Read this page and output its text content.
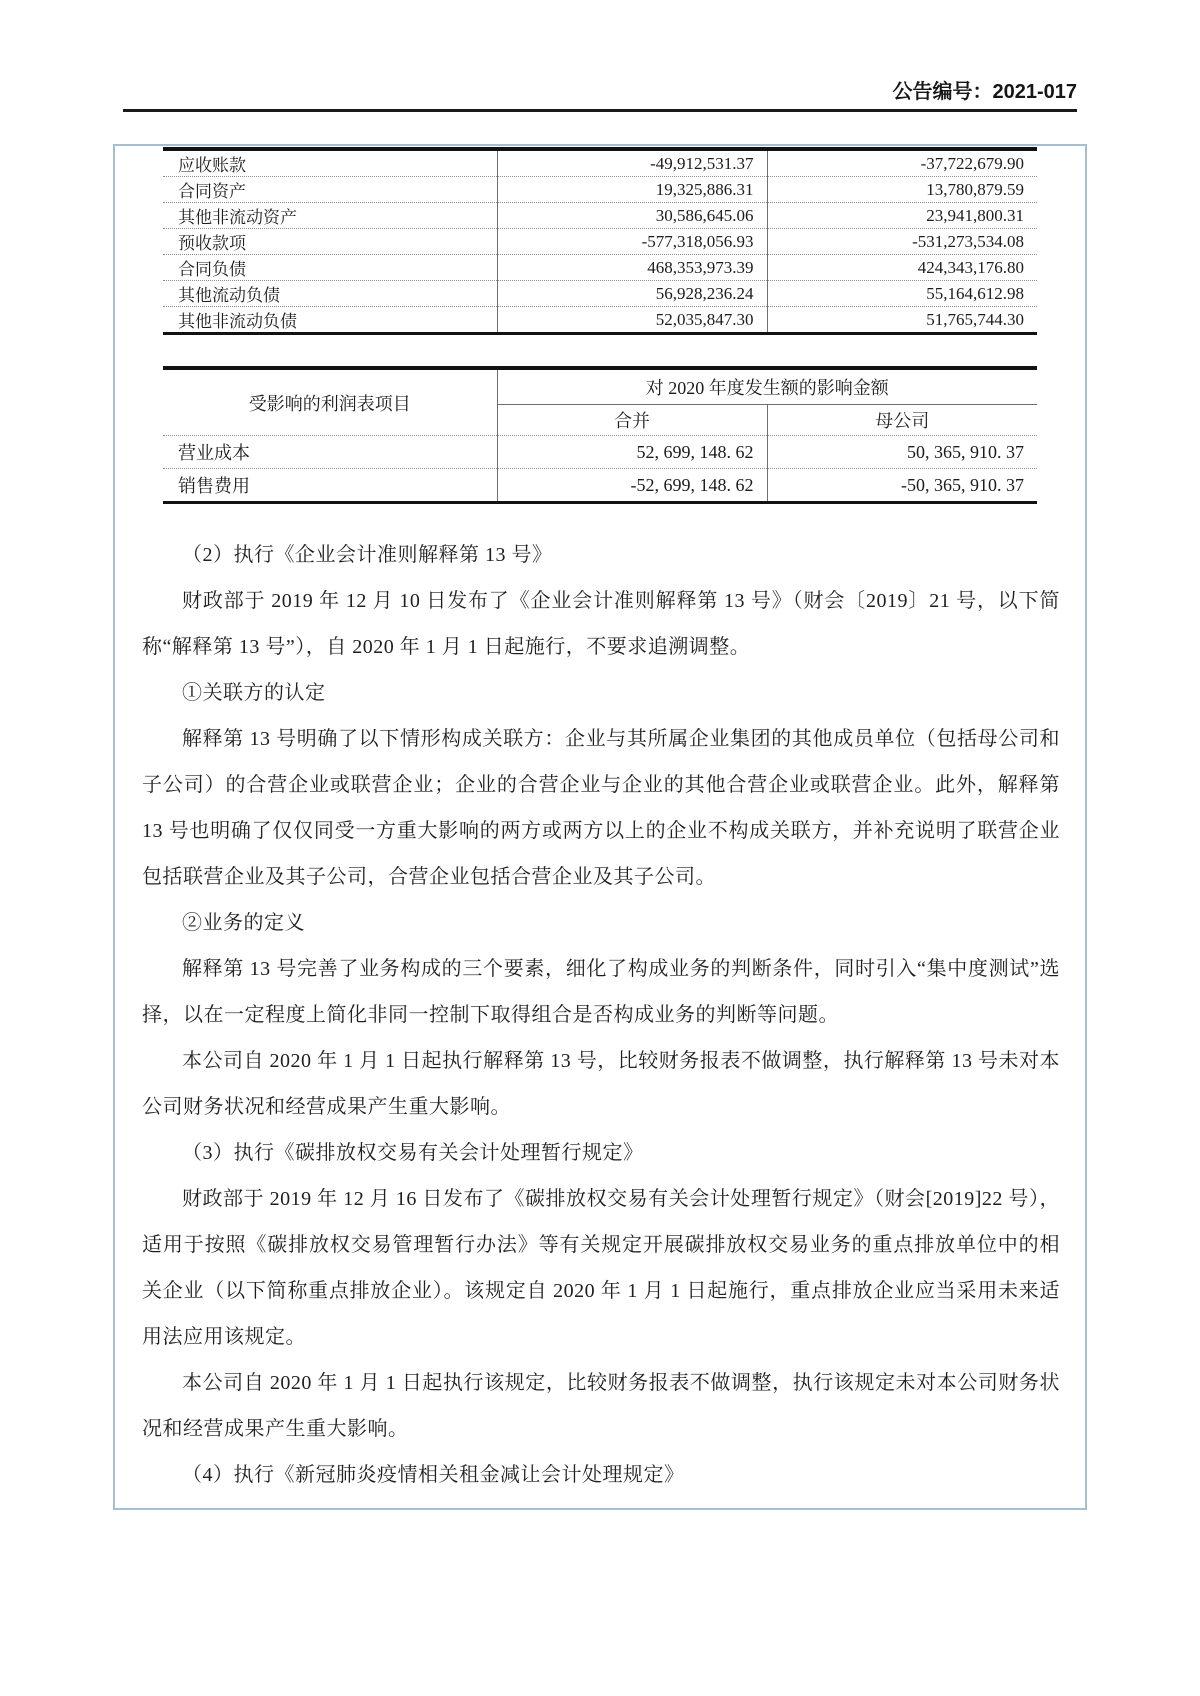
公告编号：2021-017
应收账款	-49,912,531.37	-37,722,679.90
合同资产	19,325,886.31	13,780,879.59
其他非流动资产	30,586,645.06	23,941,800.31
预收款项	-577,318,056.93	-531,273,534.08
合同负债	468,353,973.39	424,343,176.80
其他流动负债	56,928,236.24	55,164,612.98
其他非流动负债	52,035,847.30	51,765,744.30
受影响的利润表项目	对 2020 年度发生额的影响金额	
	合并	母公司
营业成本	52, 699, 148. 62	50, 365, 910. 37
销售费用	-52, 699, 148. 62	-50, 365, 910. 37

（2）执行《企业会计准则解释第 13 号》

财政部于 2019 年 12 月 10 日发布了《企业会计准则解释第 13 号》（财会〔2019〕21 号，以下简称“解释第 13 号”），自 2020 年 1 月 1 日起施行，不要求追溯调整。

①关联方的认定

解释第 13 号明确了以下情形构成关联方：企业与其所属企业集团的其他成员单位（包括母公司和子公司）的合营企业或联营企业；企业的合营企业与企业的其他合营企业或联营企业。此外，解释第 13 号也明确了仅仅同受一方重大影响的两方或两方以上的企业不构成关联方，并补充说明了联营企业包括联营企业及其子公司，合营企业包括合营企业及其子公司。

②业务的定义

解释第 13 号完善了业务构成的三个要素，细化了构成业务的判断条件，同时引入“集中度测试”选择，以在一定程度上简化非同一控制下取得组合是否构成业务的判断等问题。

本公司自 2020 年 1 月 1 日起执行解释第 13 号，比较财务报表不做调整，执行解释第 13 号未对本公司财务状况和经营成果产生重大影响。

（3）执行《碳排放权交易有关会计处理暂行规定》

财政部于 2019 年 12 月 16 日发布了《碳排放权交易有关会计处理暂行规定》（财会[2019]22 号），适用于按照《碳排放权交易管理暂行办法》等有关规定开展碳排放权交易业务的重点排放单位中的相关企业（以下简称重点排放企业）。该规定自 2020 年 1 月 1 日起施行，重点排放企业应当采用未来适用法应用该规定。

本公司自 2020 年 1 月 1 日起执行该规定，比较财务报表不做调整，执行该规定未对本公司财务状况和经营成果产生重大影响。

（4）执行《新冠肺炎疫情相关租金减让会计处理规定》
